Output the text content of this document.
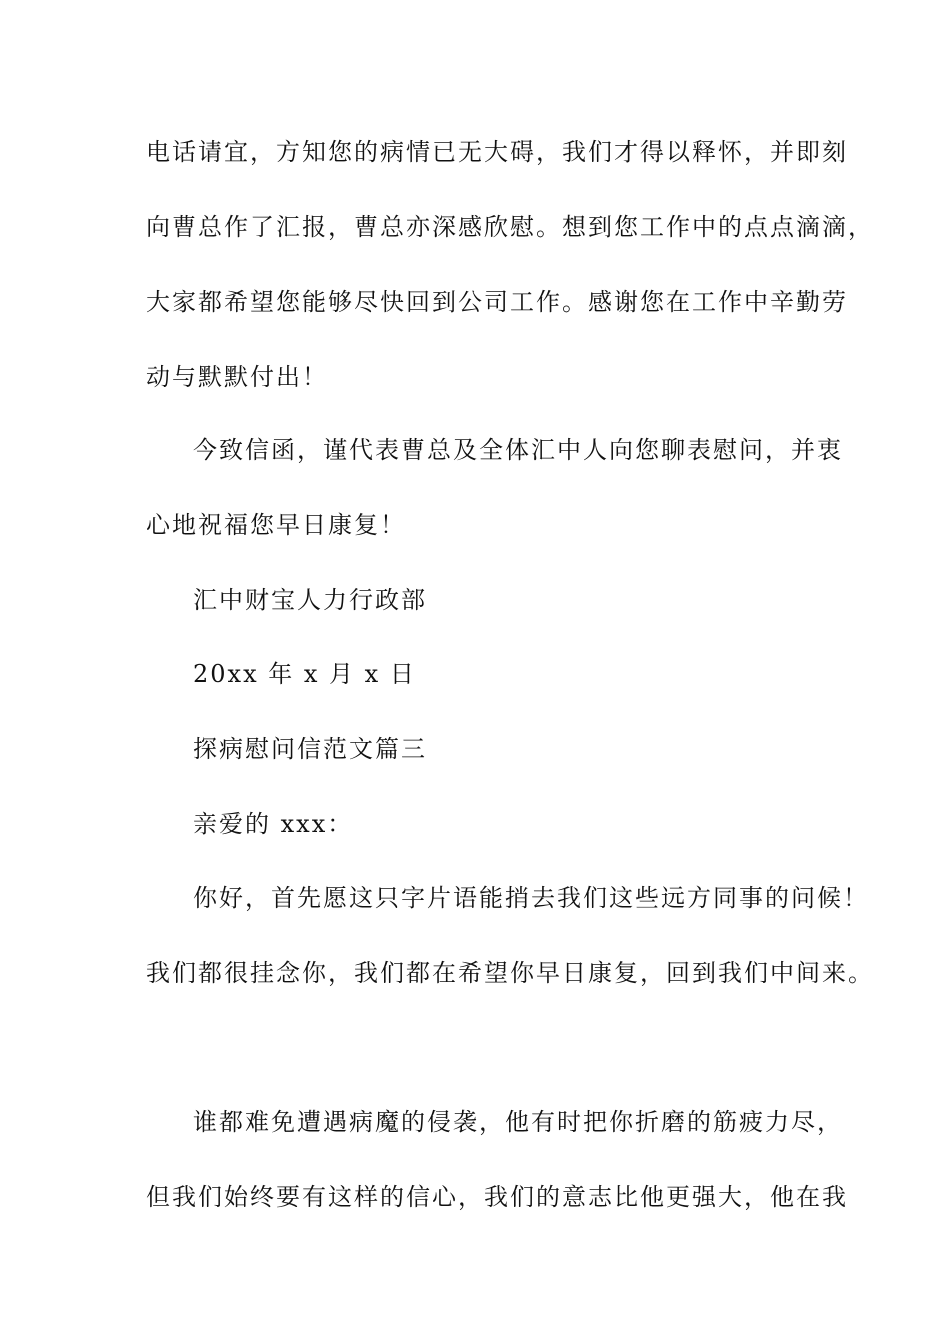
电话请宜，方知您的病情已无大碍，我们才得以释怀，并即刻
向曹总作了汇报，曹总亦深感欣慰。想到您工作中的点点滴滴，
大家都希望您能够尽快回到公司工作。感谢您在工作中辛勤劳
动与默默付出！
今致信函，谨代表曹总及全体汇中人向您聊表慰问，并衷
心地祝福您早日康复！
汇中财宝人力行政部
20xx 年 x 月 x 日
探病慰问信范文篇三
亲爱的 xxx：
你好，首先愿这只字片语能捎去我们这些远方同事的问候！
我们都很挂念你，我们都在希望你早日康复，回到我们中间来。
谁都难免遭遇病魔的侵袭，他有时把你折磨的筋疲力尽，
但我们始终要有这样的信心，我们的意志比他更强大，他在我
